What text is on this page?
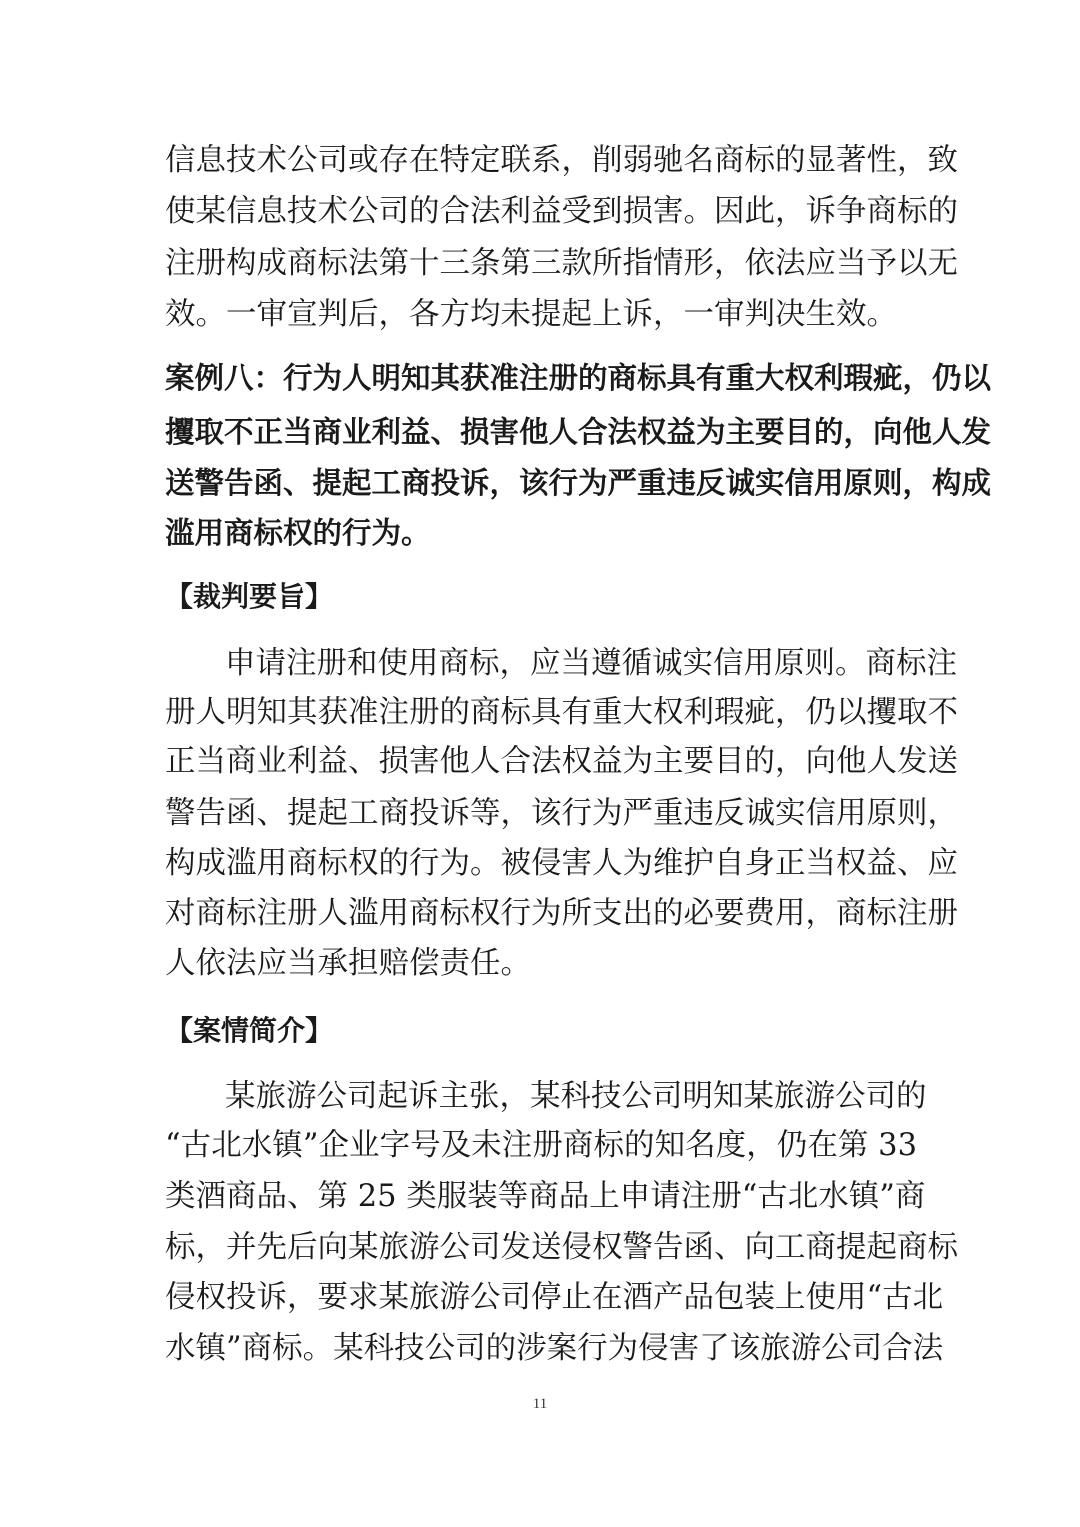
信息技术公司或存在特定联系，削弱驰名商标的显著性，致
使某信息技术公司的合法利益受到损害。因此，诉争商标的
注册构成商标法第十三条第三款所指情形，依法应当予以无
效。一审宣判后，各方均未提起上诉，一审判决生效。
案例八：行为人明知其获准注册的商标具有重大权利瑕疵，仍以
攫取不正当商业利益、损害他人合法权益为主要目的，向他人发
送警告函、提起工商投诉，该行为严重违反诚实信用原则，构成
滥用商标权的行为。
【裁判要旨】
申请注册和使用商标，应当遵循诚实信用原则。商标注
册人明知其获准注册的商标具有重大权利瑕疵，仍以攫取不
正当商业利益、损害他人合法权益为主要目的，向他人发送
警告函、提起工商投诉等，该行为严重违反诚实信用原则，
构成滥用商标权的行为。被侵害人为维护自身正当权益、应
对商标注册人滥用商标权行为所支出的必要费用，商标注册
人依法应当承担赔偿责任。
【案情简介】
某旅游公司起诉主张，某科技公司明知某旅游公司的
“古北水镇”企业字号及未注册商标的知名度，仍在第 33
类酒商品、第 25 类服装等商品上申请注册“古北水镇”商
标，并先后向某旅游公司发送侵权警告函、向工商提起商标
侵权投诉，要求某旅游公司停止在酒产品包装上使用“古北
水镇”商标。某科技公司的涉案行为侵害了该旅游公司合法
11
